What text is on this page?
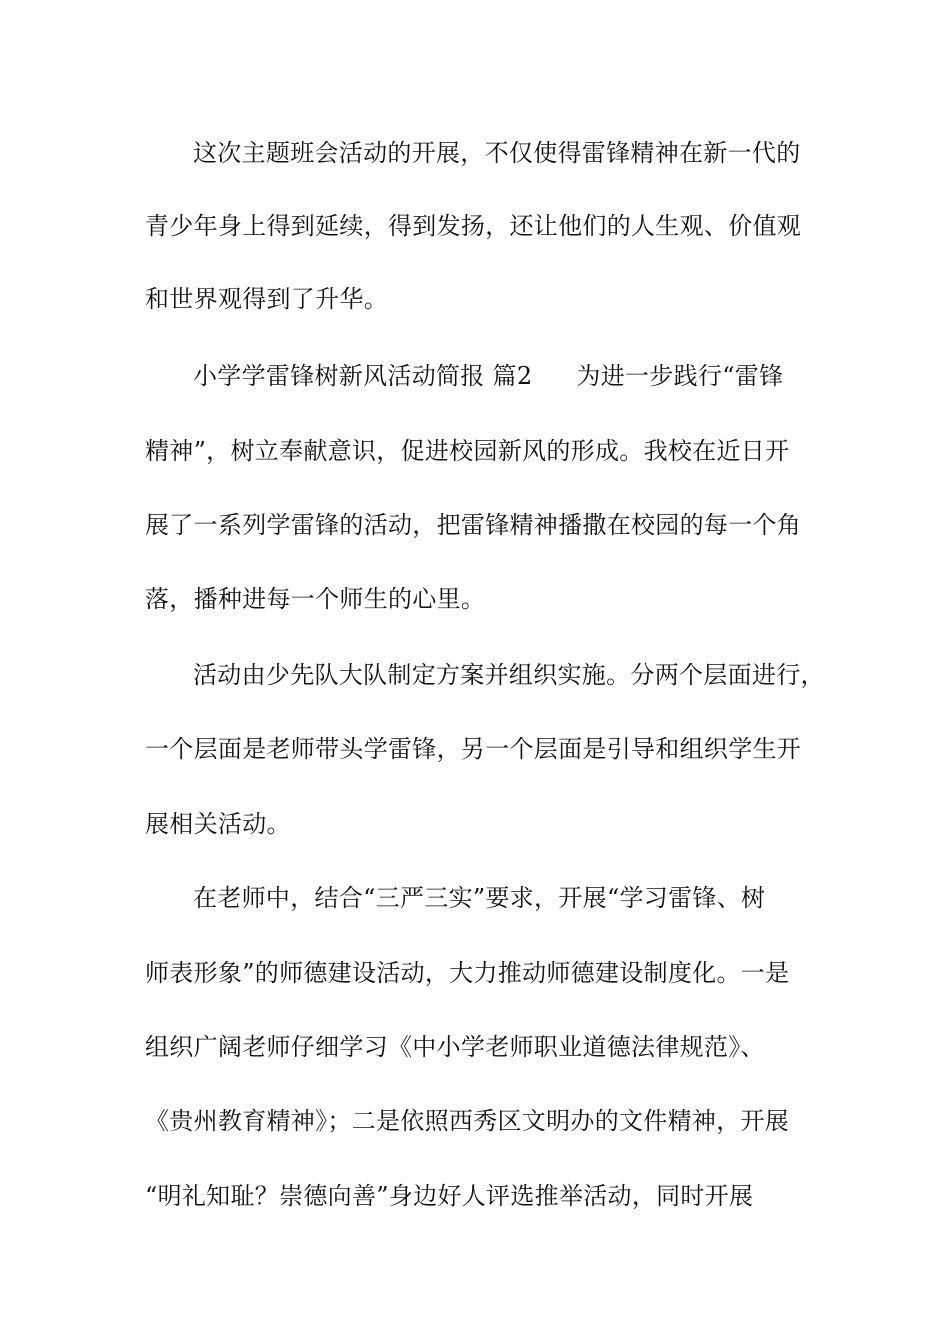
这次主题班会活动的开展，不仅使得雷锋精神在新一代的
青少年身上得到延续，得到发扬，还让他们的人生观、价值观
和世界观得到了升华。
小学学雷锋树新风活动简报 篇2 为进一步践行“雷锋
精神”，树立奉献意识，促进校园新风的形成。我校在近日开
展了一系列学雷锋的活动，把雷锋精神播撒在校园的每一个角
落，播种进每一个师生的心里。
活动由少先队大队制定方案并组织实施。分两个层面进行，
一个层面是老师带头学雷锋，另一个层面是引导和组织学生开
展相关活动。
在老师中，结合“三严三实”要求，开展“学习雷锋、树
师表形象”的师德建设活动，大力推动师德建设制度化。一是
组织广阔老师仔细学习《中小学老师职业道德法律规范》、
《贵州教育精神》；二是依照西秀区文明办的文件精神，开展
“明礼知耻？崇德向善”身边好人评选推举活动，同时开展
